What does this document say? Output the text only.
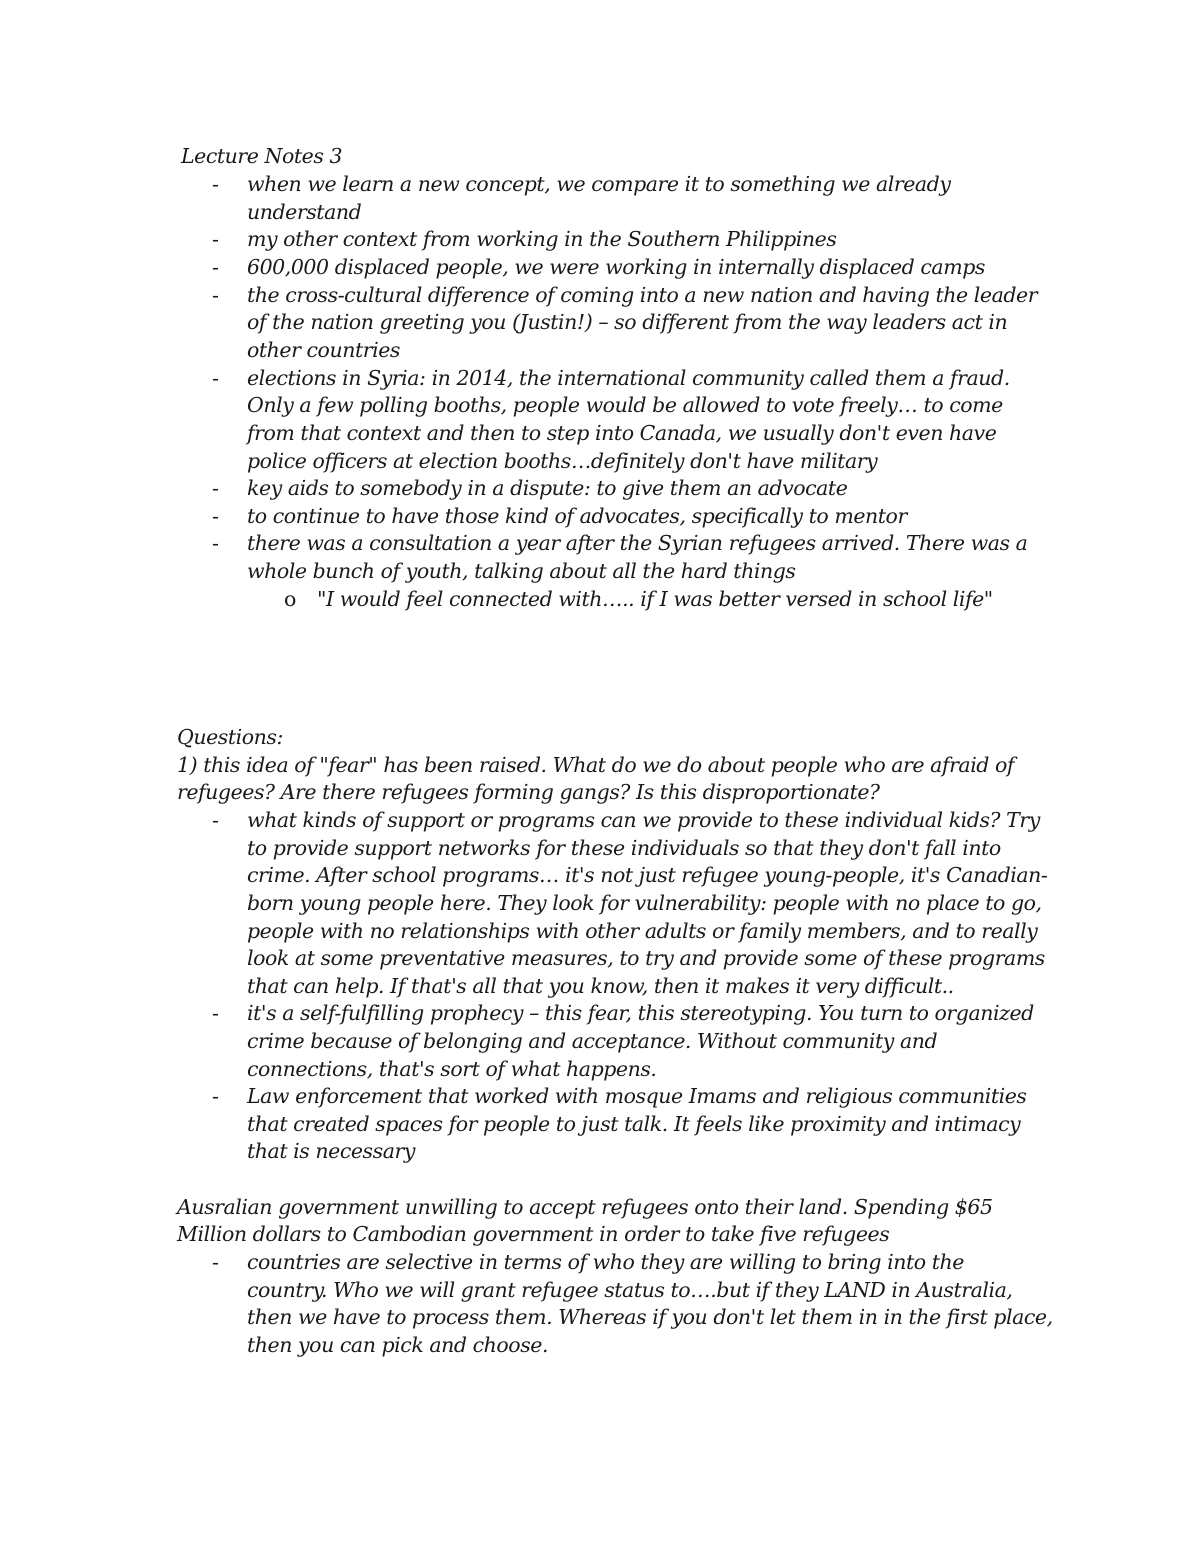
Lecture Notes 3
- when we learn a new concept, we compare it to something we already
understand
- my other context from working in the Southern Philippines
- 600,000 displaced people, we were working in internally displaced camps
- the cross-cultural difference of coming into a new nation and having the leader
of the nation greeting you (Justin!) – so different from the way leaders act in
other countries
- elections in Syria: in 2014, the international community called them a fraud.
Only a few polling booths, people would be allowed to vote freely… to come
from that context and then to step into Canada, we usually don't even have
police officers at election booths…definitely don't have military
- key aids to somebody in a dispute: to give them an advocate
- to continue to have those kind of advocates, specifically to mentor
- there was a consultation a year after the Syrian refugees arrived. There was a
whole bunch of youth, talking about all the hard things
o "I would feel connected with….. if I was better versed in school life"
Questions:
1) this idea of "fear" has been raised. What do we do about people who are afraid of
refugees? Are there refugees forming gangs? Is this disproportionate?
- what kinds of support or programs can we provide to these individual kids? Try
to provide support networks for these individuals so that they don't fall into
crime. After school programs… it's not just refugee young-people, it's Canadian-
born young people here. They look for vulnerability: people with no place to go,
people with no relationships with other adults or family members, and to really
look at some preventative measures, to try and provide some of these programs
that can help. If that's all that you know, then it makes it very difficult..
- it's a self-fulfilling prophecy – this fear, this stereotyping. You turn to organized
crime because of belonging and acceptance. Without community and
connections, that's sort of what happens.
- Law enforcement that worked with mosque Imams and religious communities
that created spaces for people to just talk. It feels like proximity and intimacy
that is necessary
Ausralian government unwilling to accept refugees onto their land. Spending $65
Million dollars to Cambodian government in order to take five refugees
- countries are selective in terms of who they are willing to bring into the
country. Who we will grant refugee status to….but if they LAND in Australia,
then we have to process them. Whereas if you don't let them in in the first place,
then you can pick and choose.
